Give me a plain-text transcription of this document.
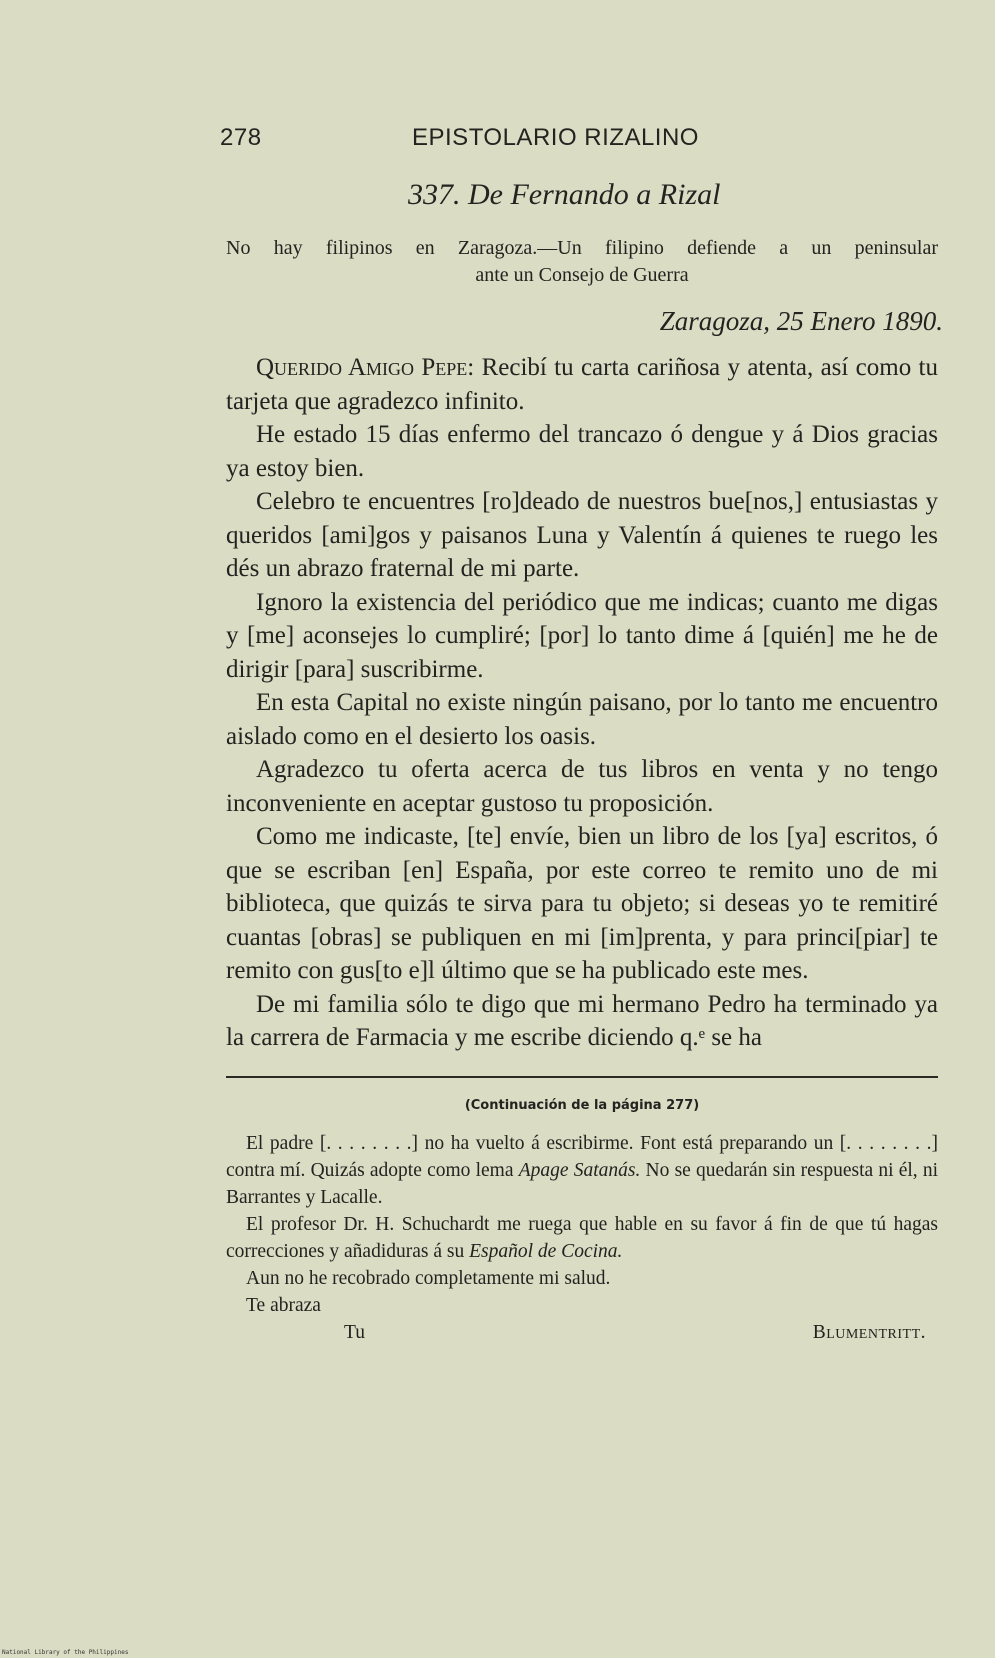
278	EPISTOLARIO RIZALINO
337. De Fernando a Rizal
No hay filipinos en Zaragoza.—Un filipino defiende a un peninsular
ante un Consejo de Guerra
Zaragoza, 25 Enero 1890.

Querido Amigo Pepe: Recibí tu carta cariñosa y atenta, así como tu tarjeta que agradezco infinito.

He estado 15 días enfermo del trancazo ó dengue y á Dios gracias ya estoy bien.

Celebro te encuentres [ro]deado de nuestros bue[nos,] entusiastas y queridos [ami]gos y paisanos Luna y Valentín á quienes te ruego les dés un abrazo fraternal de mi parte.

Ignoro la existencia del periódico que me indicas; cuanto me digas y [me] aconsejes lo cumpliré; [por] lo tanto dime á [quién] me he de dirigir [para] suscribirme.

En esta Capital no existe ningún paisano, por lo tanto me encuentro aislado como en el desierto los oasis.

Agradezco tu oferta acerca de tus libros en venta y no tengo inconveniente en aceptar gustoso tu proposición.

Como me indicaste, [te] envíe, bien un libro de los [ya] escritos, ó que se escriban [en] España, por este correo te remito uno de mi biblioteca, que quizás te sirva para tu objeto; si deseas yo te remitiré cuantas [obras] se publiquen en mi [im]prenta, y para princi[piar] te remito con gus[to e]l último que se ha publicado este mes.

De mi familia sólo te digo que mi hermano Pedro ha terminado ya la carrera de Farmacia y me escribe diciendo q.ᵉ se ha

(Continuación de la página 277)

El padre [. . . . . . . .] no ha vuelto á escribirme. Font está preparando un [. . . . . . . .] contra mí. Quizás adopte como lema Apage Satanás. No se quedarán sin respuesta ni él, ni Barrantes y Lacalle.

El profesor Dr. H. Schuchardt me ruega que hable en su favor á fin de que tú hagas correcciones y añadiduras á su Español de Cocina.

Aun no he recobrado completamente mi salud.

Te abraza

Tu	Blumentritt.
National Library of the Philippines
